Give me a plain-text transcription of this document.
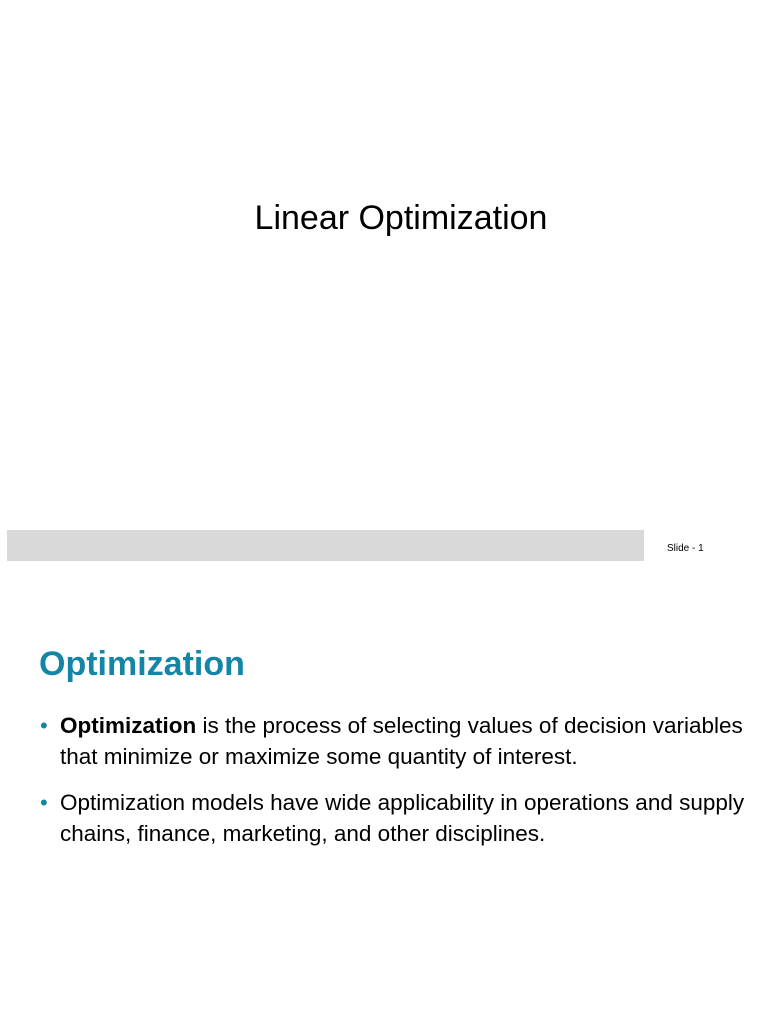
Linear Optimization
Slide - 1
Optimization
• Optimization is the process of selecting values of decision variables that minimize or maximize some quantity of interest.
• Optimization models have wide applicability in operations and supply chains, finance, marketing, and other disciplines.
